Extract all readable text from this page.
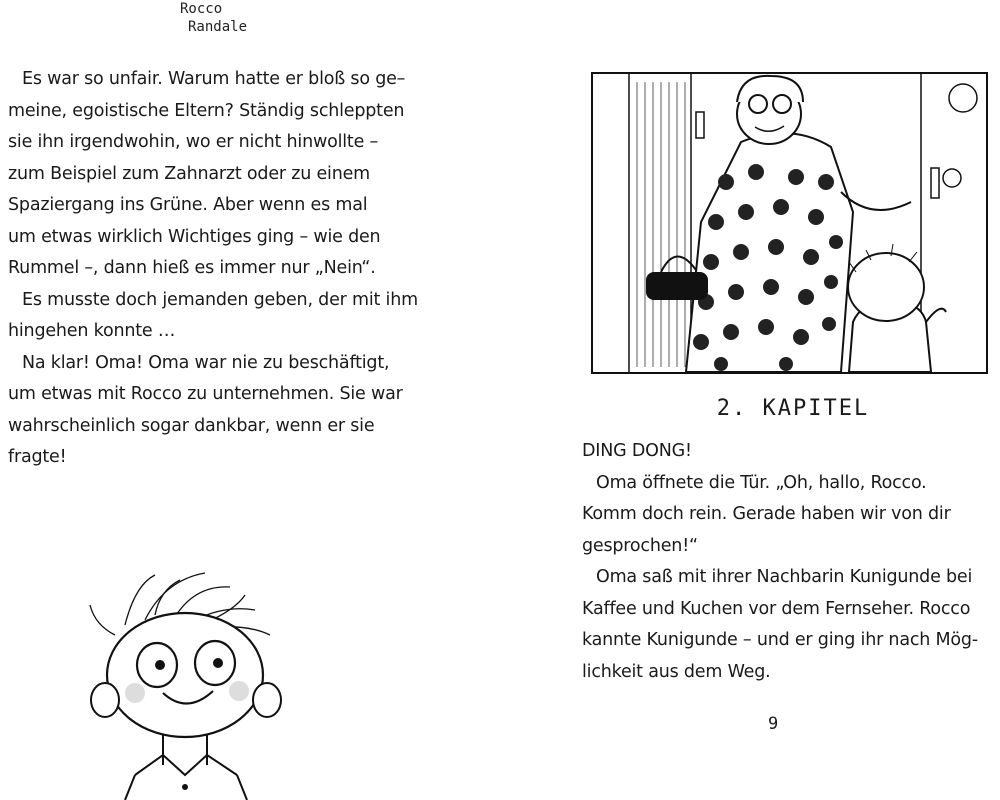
Rocco
Randale

Es war so unfair. Warum hatte er bloß so ge–
meine, egoistische Eltern? Ständig schleppten
sie ihn irgendwohin, wo er nicht hinwollte –
zum Beispiel zum Zahnarzt oder zu einem
Spaziergang ins Grüne. Aber wenn es mal
um etwas wirklich Wichtiges ging – wie den
Rummel –, dann hieß es immer nur „Nein“.

Es musste doch jemanden geben, der mit ihm
hingehen konnte …

Na klar! Oma! Oma war nie zu beschäftigt,
um etwas mit Rocco zu unternehmen. Sie war
wahrscheinlich sogar dankbar, wenn er sie
fragte!

2. KAPITEL

DING DONG!

Oma öffnete die Tür. „Oh, hallo, Rocco.
Komm doch rein. Gerade haben wir von dir
gesprochen!“

Oma saß mit ihrer Nachbarin Kunigunde bei
Kaffee und Kuchen vor dem Fernseher. Rocco
kannte Kunigunde – und er ging ihr nach Mög-
lichkeit aus dem Weg.

9
